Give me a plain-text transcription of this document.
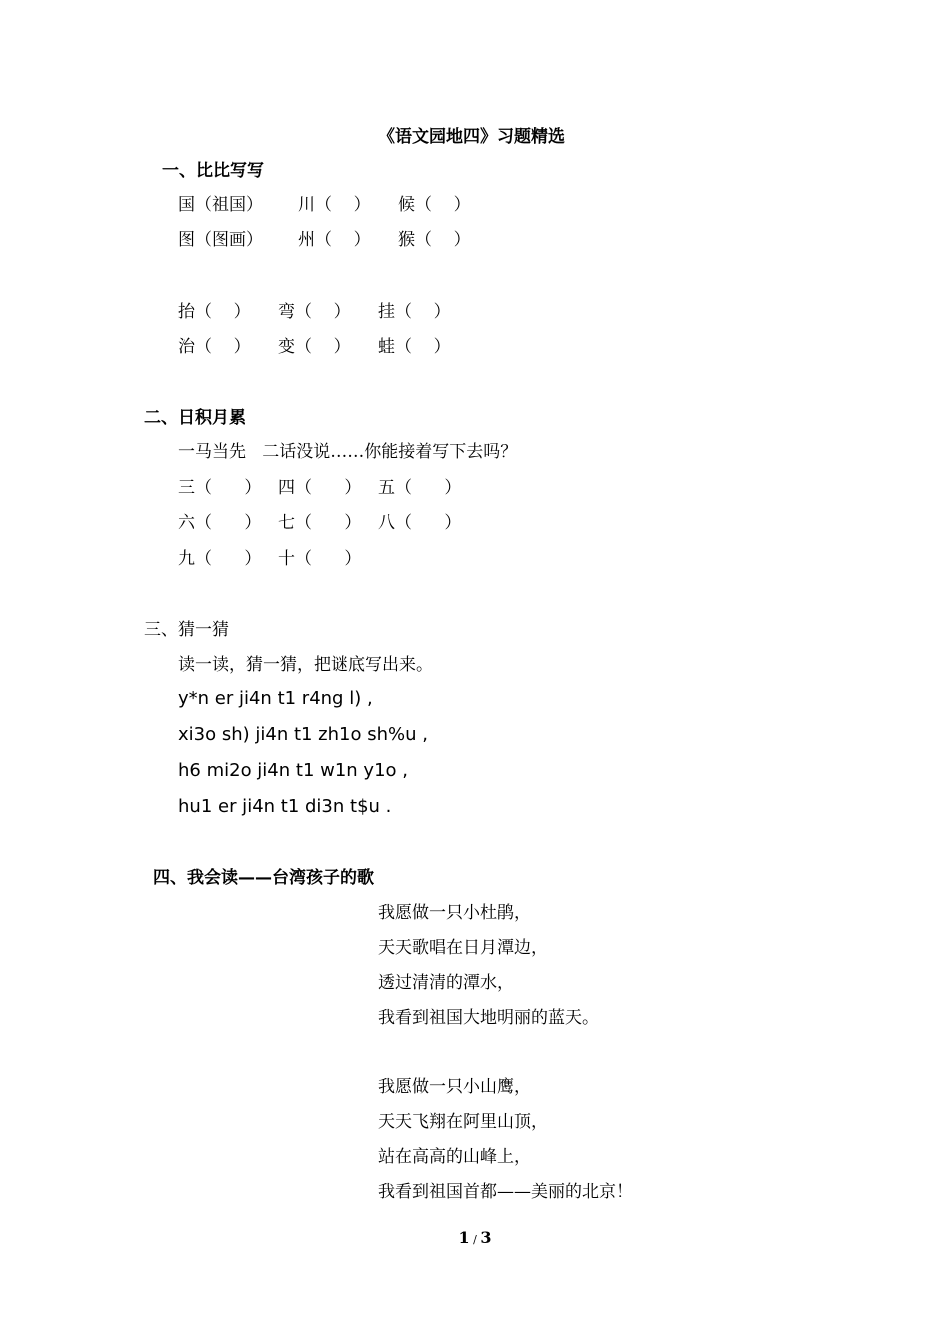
《语文园地四》习题精选
一、比比写写
国（祖国） 川（    ） 候（    ）
图（图画） 州（    ） 猴（    ）
抬（    ） 弯（    ） 挂（    ）
治（    ） 变（    ） 蛙（    ）
二、日积月累
一马当先   二话没说……你能接着写下去吗？
三（      ） 四（      ） 五（      ）
六（      ） 七（      ） 八（      ）
九（      ） 十（      ）
三、猜一猜
读一读，猜一猜，把谜底写出来。
y*n er ji4n t1 r4ng l) ,
xi3o sh) ji4n t1 zh1o sh%u ,
h6 mi2o ji4n t1 w1n y1o ,
hu1 er ji4n t1 di3n t$u .
四、我会读——台湾孩子的歌
我愿做一只小杜鹃，
天天歌唱在日月潭边，
透过清清的潭水，
我看到祖国大地明丽的蓝天。
我愿做一只小山鹰，
天天飞翔在阿里山顶，
站在高高的山峰上，
我看到祖国首都——美丽的北京！
1 / 3
